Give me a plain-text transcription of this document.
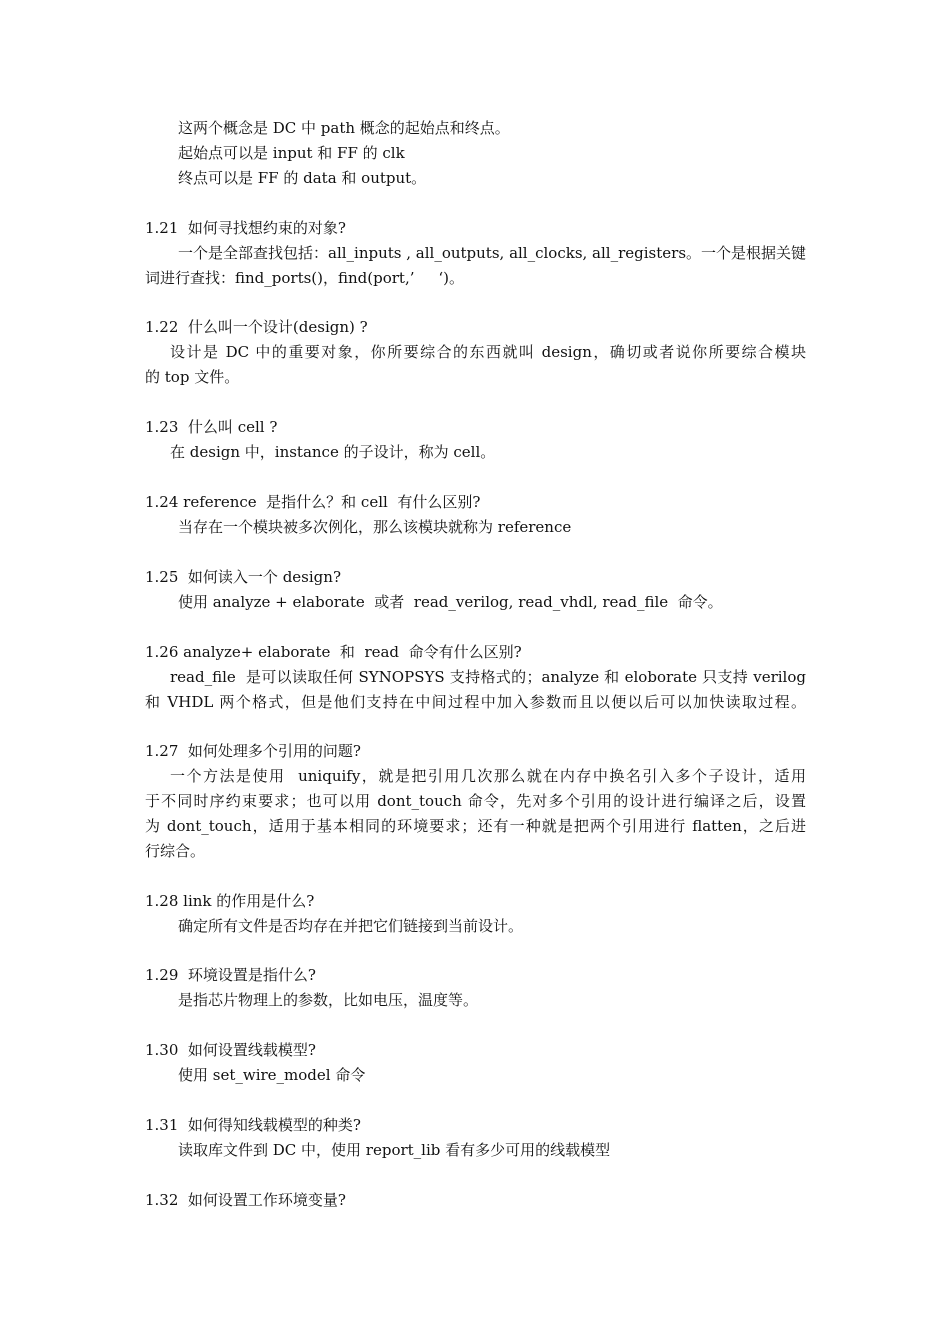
这两个概念是 DC 中 path 概念的起始点和终点。
起始点可以是 input 和 FF 的 clk
终点可以是 FF 的 data 和 output。
1.21  如何寻找想约束的对象?
一个是全部查找包括：all_inputs , all_outputs, all_clocks, all_registers。一个是根据关键
词进行查找：find_ports()，find(port,’     ‘)。
1.22  什么叫一个设计(design) ?
设计是 DC 中的重要对象，你所要综合的东西就叫 design，确切或者说你所要综合模块
的 top 文件。
1.23  什么叫 cell ?
在 design 中，instance 的子设计，称为 cell。
1.24 reference  是指什么？和 cell  有什么区别?
当存在一个模块被多次例化，那么该模块就称为 reference
1.25  如何读入一个 design?
使用 analyze + elaborate  或者  read_verilog, read_vhdl, read_file  命令。
1.26 analyze+ elaborate  和  read  命令有什么区别?
read_file  是可以读取任何 SYNOPSYS 支持格式的；analyze 和 eloborate 只支持 verilog
和 VHDL 两个格式，但是他们支持在中间过程中加入参数而且以便以后可以加快读取过程。
1.27  如何处理多个引用的问题?
一个方法是使用  uniquify，就是把引用几次那么就在内存中换名引入多个子设计，适用
于不同时序约束要求；也可以用 dont_touch 命令，先对多个引用的设计进行编译之后，设置
为 dont_touch，适用于基本相同的环境要求；还有一种就是把两个引用进行 flatten，之后进
行综合。
1.28 link 的作用是什么?
确定所有文件是否均存在并把它们链接到当前设计。
1.29  环境设置是指什么?
是指芯片物理上的参数，比如电压，温度等。
1.30  如何设置线载模型?
使用 set_wire_model 命令
1.31  如何得知线载模型的种类?
读取库文件到 DC 中，使用 report_lib 看有多少可用的线载模型
1.32  如何设置工作环境变量?
